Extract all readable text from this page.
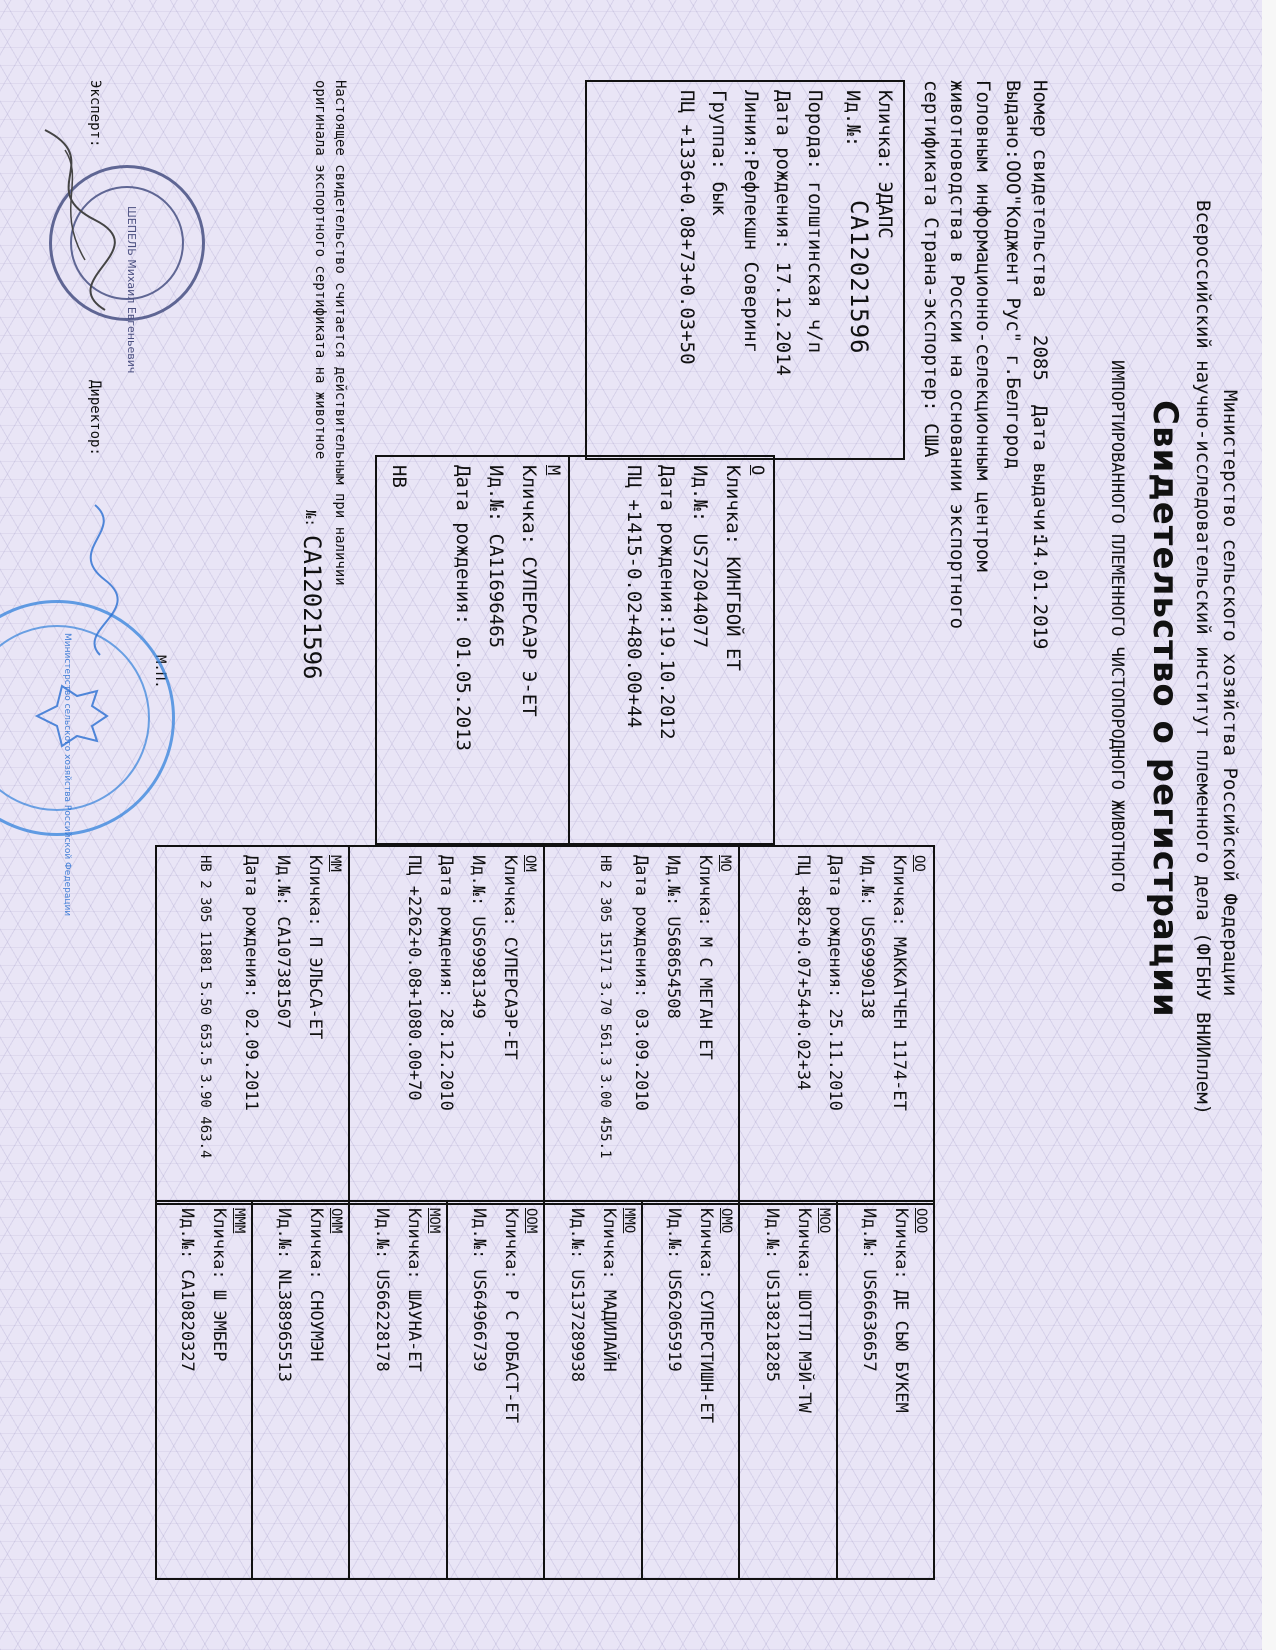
Министерство сельского хозяйства Российской Федерации
Всероссийский научно-исследовательский институт племенного дела (ФГБНУ ВНИИплем)
Свидетельство о регистрации
ИМПОРТИРОВАННОГО ПЛЕМЕННОГО ЧИСТОПОРОДНОГО ЖИВОТНОГО
Номер свидетельства
2085
Дата выдачи:
14.01.2019
Выдано:ООО"Коджент Рус" г.Белгород
Головным информационно-селекционным центром
животноводства в России на основании экспортного
сертификата Страна-экспортер: США
Кличка: ЭДАПС
Ид.№:
СА12021596
Порода: голштинская ч/п
Дата рождения: 17.12.2014
Линия:Рефлекшн Соверинг
Группа: бык
ПЦ +1336+0.08+73+0.03+50
О
Кличка: КИНГБОЙ ЕТ
Ид.№: US72044077
Дата рождения:19.10.2012
ПЦ +1415-0.02+480.00+44
М
Кличка: СУПЕРСАЭР Э-ЕТ
Ид.№: СА11696465
Дата рождения: 01.05.2013
НВ
ОО
Кличка: МАККАТЧЕН 1174-ЕТ
Ид.№: US69990138
Дата рождения: 25.11.2010
ПЦ +882+0.07+54+0.02+34
МО
Кличка: М С МЕГАН ЕТ
Ид.№: US68654508
Дата рождения: 03.09.2010
НВ 2 305 15171 3.70 561.3 3.00 455.1
ОМ
Кличка: СУПЕРСАЭР-ЕТ
Ид.№: US69981349
Дата рождения: 28.12.2010
ПЦ +2262+0.08+1080.00+70
ММ
Кличка: П ЭЛЬСА-ЕТ
Ид.№: СА107381507
Дата рождения: 02.09.2011
НВ 2 305 11881 5.50 653.5 3.90 463.4
ООО
Кличка: ДЕ СЬЮ БУКЕМ
Ид.№: US66636657
МОО
Кличка: ШОТТЛ МЭЙ-ТW
Ид.№: US138218285
ОМО
Кличка: СУПЕРСТИШН-ЕТ
Ид.№: US62065919
ММО
Кличка: МАДИЛАЙН
Ид.№: US137289938
ООМ
Кличка: Р С РОБАСТ-ЕТ
Ид.№: US64966739
МОМ
Кличка: ШАУНА-ЕТ
Ид.№: US66228178
ОММ
Кличка: СНОУМЭН
Ид.№: NL388965513
МММ
Кличка: Ш ЭМБЕР
Ид.№: СА10820327
Настоящее свидетельство считается действительным при наличии
оригинала экспортного сертификата на животное
№:
СА12021596
Эксперт:
Директор:
М.П.
ШЕПЕЛЬ Михаил Евгеньевич
Министерство сельского хозяйства Российской Федерации
